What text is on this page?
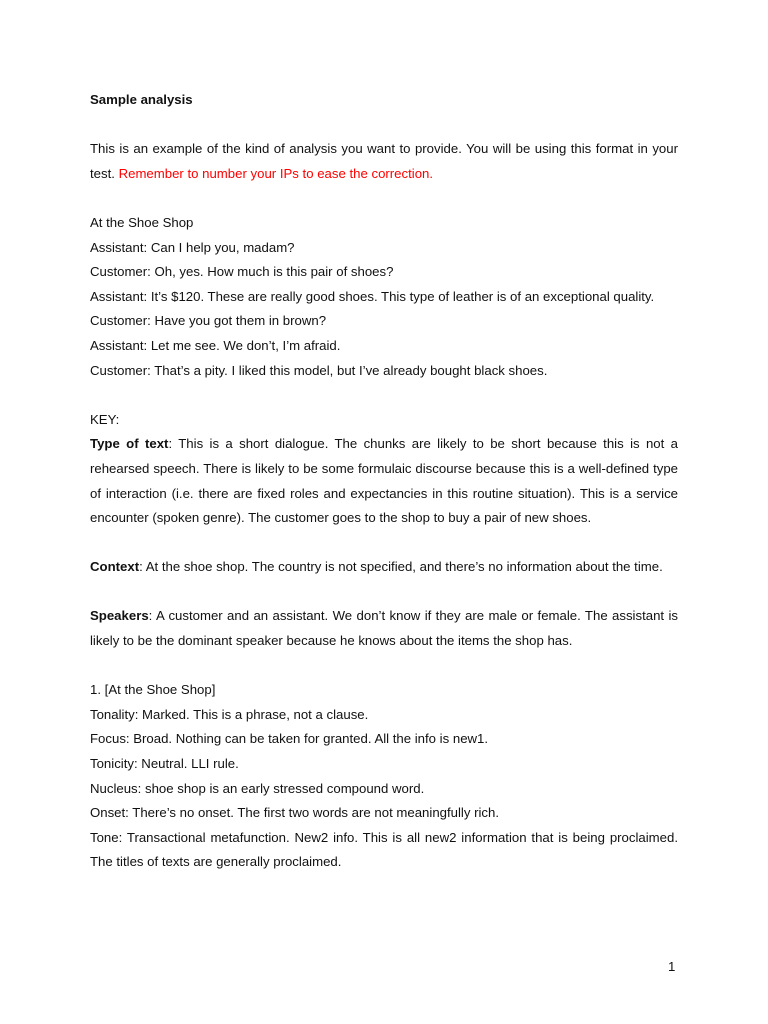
Sample analysis

This is an example of the kind of analysis you want to provide. You will be using this format in your test. Remember to number your IPs to ease the correction.

At the Shoe Shop

Assistant: Can I help you, madam?

Customer: Oh, yes. How much is this pair of shoes?

Assistant: It’s $120. These are really good shoes. This type of leather is of an exceptional quality.

Customer: Have you got them in brown?

Assistant: Let me see. We don’t, I’m afraid.

Customer: That’s a pity. I liked this model, but I’ve already bought black shoes.

KEY:

Type of text: This is a short dialogue. The chunks are likely to be short because this is not a rehearsed speech. There is likely to be some formulaic discourse because this is a well-defined type of interaction (i.e. there are fixed roles and expectancies in this routine situation). This is a service encounter (spoken genre). The customer goes to the shop to buy a pair of new shoes.

Context: At the shoe shop. The country is not specified, and there’s no information about the time.

Speakers: A customer and an assistant. We don’t know if they are male or female. The assistant is likely to be the dominant speaker because he knows about the items the shop has.

1. [At the Shoe Shop]

Tonality: Marked. This is a phrase, not a clause.

Focus: Broad. Nothing can be taken for granted. All the info is new1.

Tonicity: Neutral. LLI rule.

Nucleus: shoe shop is an early stressed compound word.

Onset: There’s no onset. The first two words are not meaningfully rich.

Tone: Transactional metafunction. New2 info. This is all new2 information that is being proclaimed. The titles of texts are generally proclaimed.

1
